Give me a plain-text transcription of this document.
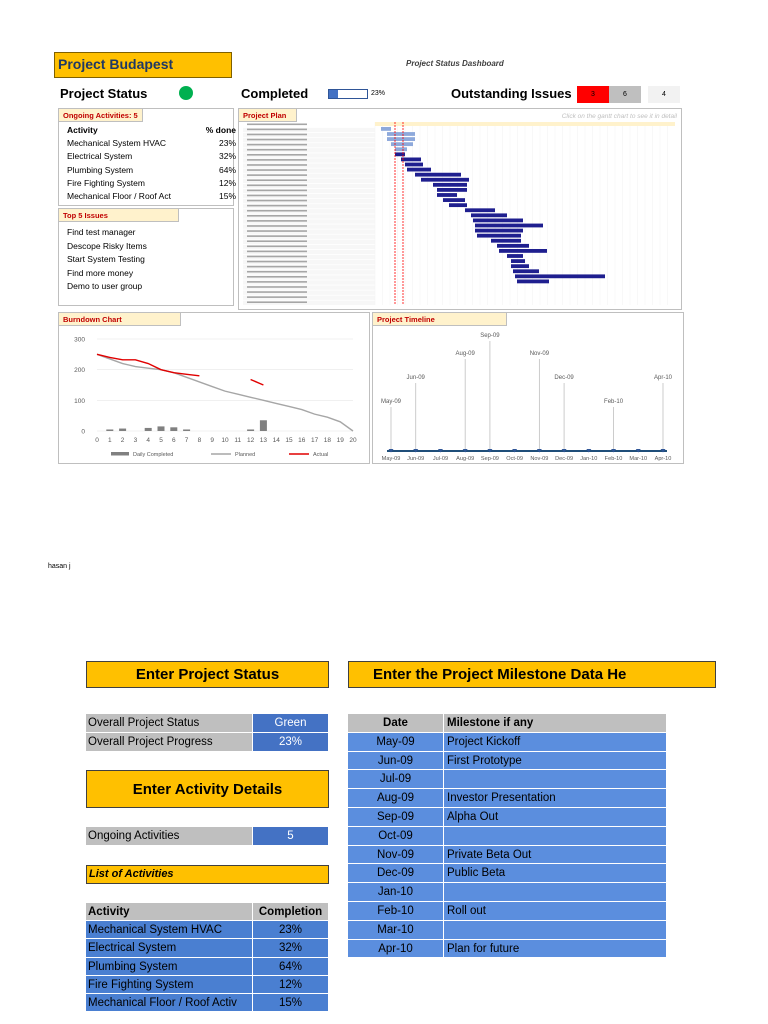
Project Budapest	Project Status Dashboard
Project Status	Completed	23%	Outstanding Issues	3	6	4
Ongoing Activities: 5
Activity	% done
Mechanical System HVAC	23%
Electrical System	32%
Plumbing System	64%
Fire Fighting System	12%
Mechanical Floor / Roof Act	15%
Top 5 Issues
Find test manager
Descope Risky Items
Start System Testing
Find more money
Demo to user group
Project Plan	Click on the gantt chart to see it in detail
Burndown Chart
300
200
100
0
0 1 2 3 4 5 6 7 8 9 10 11 12 13 14 15 16 17 18 19 20
Daily Completed	Planned	Actual
Project Timeline
May-09
May-09
Jun-09
Jun-09
Jul-09 Aug-09
Aug-09
Sep-09
Sep-09
Oct-09 Nov-09
Nov-09
Dec-09
Dec-09
Jan-10 Feb-10
Feb-10
Mar-10 Apr-10
Apr-10
hasan j
Enter Project Status
Overall Project Status	Green
Overall Project Progress	23%
Enter Activity Details
Ongoing Activities	5
List of Activities
Activity	Completion
Mechanical System HVAC	23%
Electrical System	32%
Plumbing System	64%
Fire Fighting System	12%
Mechanical Floor / Roof Activ	15%
Enter the Project Milestone Data He
Date	Milestone if any
May-09	Project Kickoff
Jun-09	First Prototype
Jul-09
Aug-09	Investor Presentation
Sep-09	Alpha Out
Oct-09
Nov-09	Private Beta Out
Dec-09	Public Beta
Jan-10
Feb-10	Roll out
Mar-10
Apr-10	Plan for future
